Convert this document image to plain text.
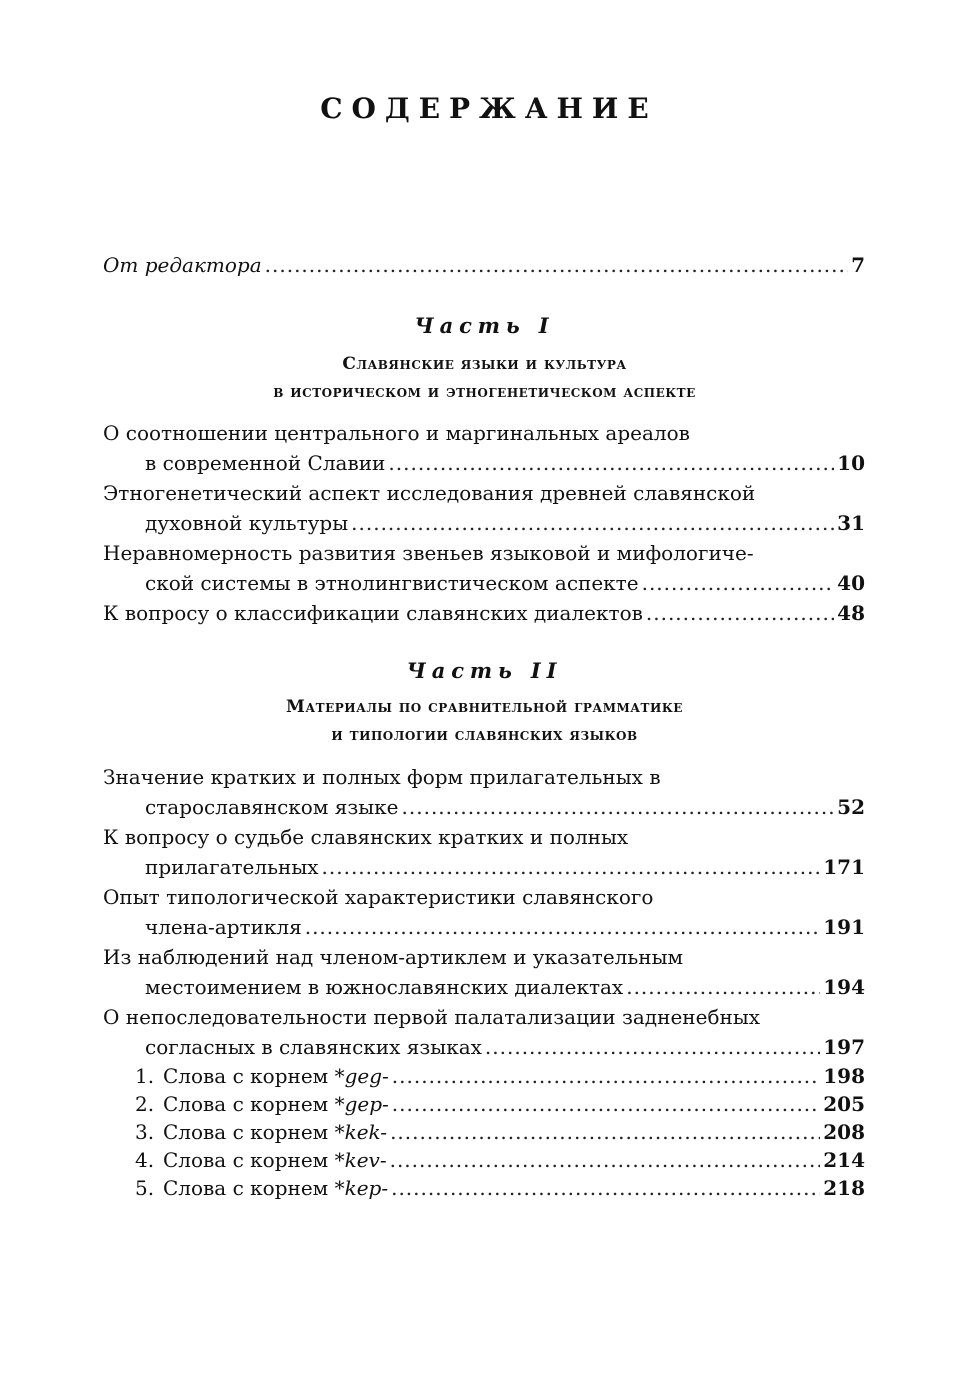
СОДЕРЖАНИЕ
От редактора .....	7
Часть I
Славянские языки и культура
в историческом и этногенетическом аспекте
О соотношении центрального и маргинальных ареалов
в современной Славии .....	10
Этногенетический аспект исследования древней славянской
духовной культуры .....	31
Неравномерность развития звеньев языковой и мифологиче-
ской системы в этнолингвистическом аспекте .....	40
К вопросу о классификации славянских диалектов .....	48
Часть II
Материалы по сравнительной грамматике
и типологии славянских языков
Значение кратких и полных форм прилагательных в
старославянском языке .....	52
К вопросу о судьбе славянских кратких и полных
прилагательных .....	171
Опыт типологической характеристики славянского
члена-артикля .....	191
Из наблюдений над членом-артиклем и указательным
местоимением в южнославянских диалектах .....	194
О непоследовательности первой палатализации задненебных
согласных в славянских языках .....	197
1. Слова с корнем *geg- .....	198
2. Слова с корнем *gep- .....	205
3. Слова с корнем *kek- .....	208
4. Слова с корнем *kev- .....	214
5. Слова с корнем *kep- .....	218
